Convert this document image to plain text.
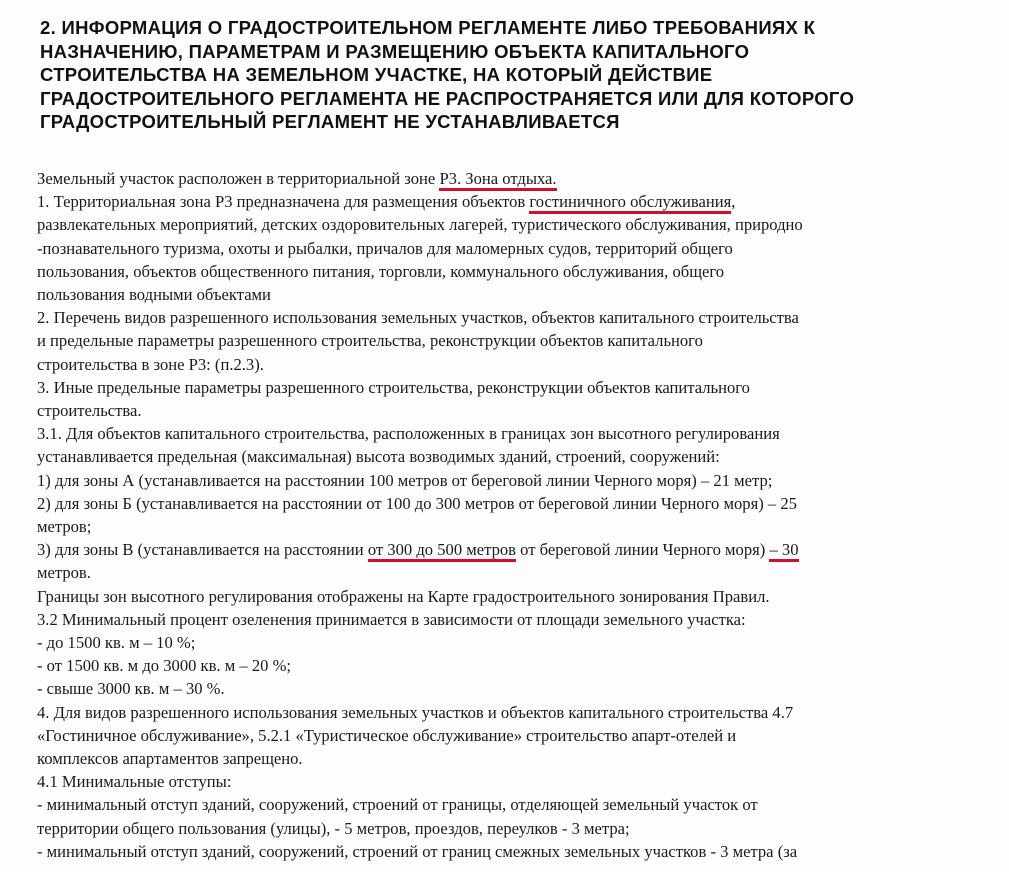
2. ИНФОРМАЦИЯ О ГРАДОСТРОИТЕЛЬНОМ РЕГЛАМЕНТЕ ЛИБО ТРЕБОВАНИЯХ К
НАЗНАЧЕНИЮ, ПАРАМЕТРАМ И РАЗМЕЩЕНИЮ ОБЪЕКТА КАПИТАЛЬНОГО
СТРОИТЕЛЬСТВА НА ЗЕМЕЛЬНОМ УЧАСТКЕ, НА КОТОРЫЙ ДЕЙСТВИЕ
ГРАДОСТРОИТЕЛЬНОГО РЕГЛАМЕНТА НЕ РАСПРОСТРАНЯЕТСЯ ИЛИ ДЛЯ КОТОРОГО
ГРАДОСТРОИТЕЛЬНЫЙ РЕГЛАМЕНТ НЕ УСТАНАВЛИВАЕТСЯ
Земельный участок расположен в территориальной зоне Р3. Зона отдыха.
1. Территориальная зона Р3 предназначена для размещения объектов гостиничного обслуживания,
развлекательных мероприятий, детских оздоровительных лагерей, туристического обслуживания, природно
-познавательного туризма, охоты и рыбалки, причалов для маломерных судов, территорий общего
пользования, объектов общественного питания, торговли, коммунального обслуживания, общего
пользования водными объектами
2. Перечень видов разрешенного использования земельных участков, объектов капитального строительства
и предельные параметры разрешенного строительства, реконструкции объектов капитального
строительства в зоне Р3: (п.2.3).
3. Иные предельные параметры разрешенного строительства, реконструкции объектов капитального
строительства.
3.1. Для объектов капитального строительства, расположенных в границах зон высотного регулирования
устанавливается предельная (максимальная) высота возводимых зданий, строений, сооружений:
1) для зоны А (устанавливается на расстоянии 100 метров от береговой линии Черного моря) – 21 метр;
2) для зоны Б (устанавливается на расстоянии от 100 до 300 метров от береговой линии Черного моря) – 25
метров;
3) для зоны В (устанавливается на расстоянии от 300 до 500 метров от береговой линии Черного моря) – 30
метров.
Границы зон высотного регулирования отображены на Карте градостроительного зонирования Правил.
3.2 Минимальный процент озеленения принимается в зависимости от площади земельного участка:
- до 1500 кв. м – 10 %;
- от 1500 кв. м до 3000 кв. м – 20 %;
- свыше 3000 кв. м – 30 %.
4. Для видов разрешенного использования земельных участков и объектов капитального строительства 4.7
«Гостиничное обслуживание», 5.2.1 «Туристическое обслуживание» строительство апарт-отелей и
комплексов апартаментов запрещено.
4.1 Минимальные отступы:
- минимальный отступ зданий, сооружений, строений от границы, отделяющей земельный участок от
территории общего пользования (улицы), - 5 метров, проездов, переулков - 3 метра;
- минимальный отступ зданий, сооружений, строений от границ смежных земельных участков - 3 метра (за
